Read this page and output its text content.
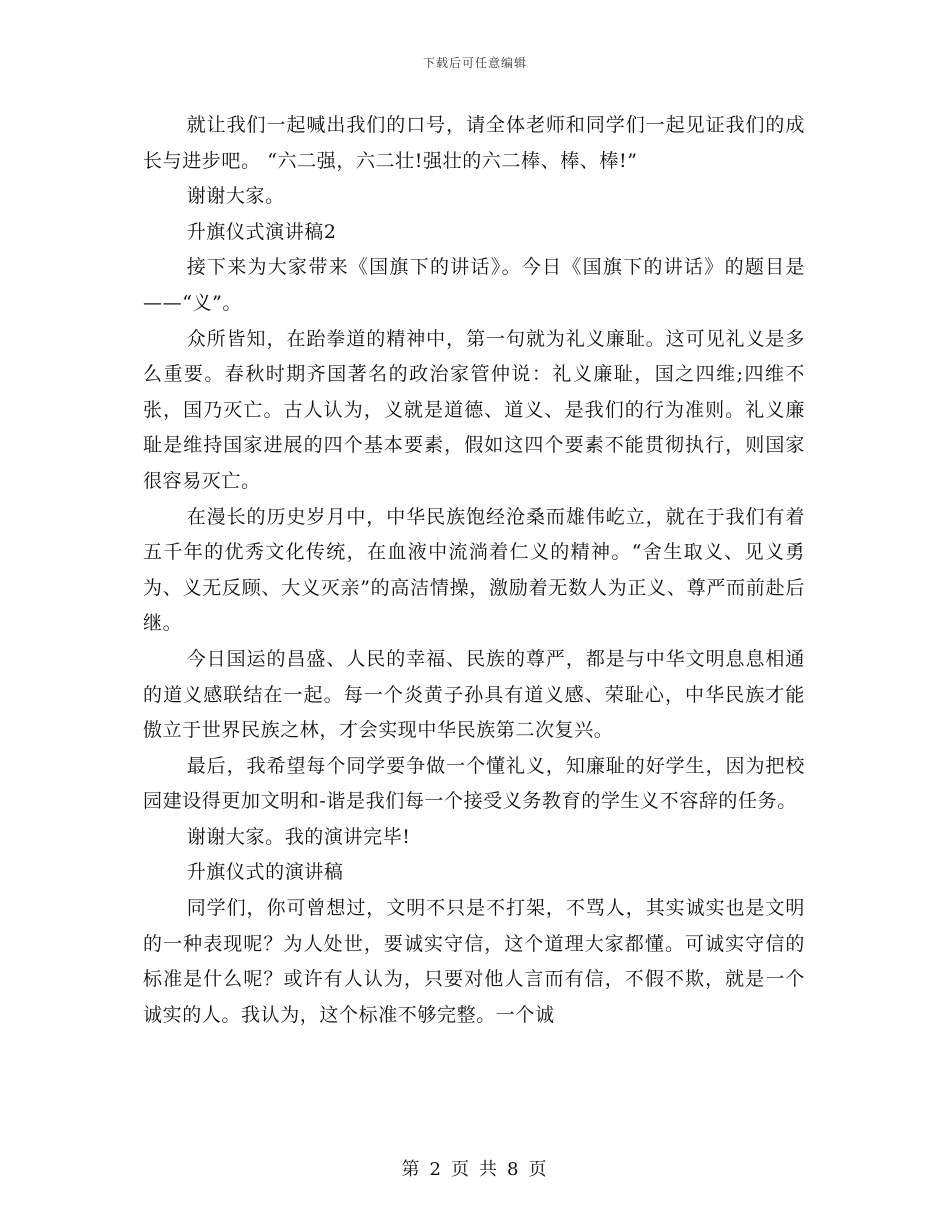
下载后可任意编辑

就让我们一起喊出我们的口号，请全体老师和同学们一起见证我们的成长与进步吧。 “六二强，六二壮!强壮的六二棒、棒、棒!”

谢谢大家。

升旗仪式演讲稿2

接下来为大家带来《国旗下的讲话》。今日《国旗下的讲话》的题目是——“义”。

众所皆知，在跆拳道的精神中，第一句就为礼义廉耻。这可见礼义是多么重要。春秋时期齐国著名的政治家管仲说：礼义廉耻，国之四维;四维不张，国乃灭亡。古人认为，义就是道德、道义、是我们的行为准则。礼义廉耻是维持国家进展的四个基本要素，假如这四个要素不能贯彻执行，则国家很容易灭亡。

在漫长的历史岁月中，中华民族饱经沧桑而雄伟屹立，就在于我们有着五千年的优秀文化传统，在血液中流淌着仁义的精神。“舍生取义、见义勇为、义无反顾、大义灭亲”的高洁情操，激励着无数人为正义、尊严而前赴后继。

今日国运的昌盛、人民的幸福、民族的尊严，都是与中华文明息息相通的道义感联结在一起。每一个炎黄子孙具有道义感、荣耻心，中华民族才能傲立于世界民族之林，才会实现中华民族第二次复兴。

最后，我希望每个同学要争做一个懂礼义，知廉耻的好学生，因为把校园建设得更加文明和-谐是我们每一个接受义务教育的学生义不容辞的任务。

谢谢大家。我的演讲完毕!

升旗仪式的演讲稿

同学们，你可曾想过，文明不只是不打架，不骂人，其实诚实也是文明的一种表现呢？为人处世，要诚实守信，这个道理大家都懂。可诚实守信的标准是什么呢？或许有人认为，只要对他人言而有信，不假不欺，就是一个诚实的人。我认为，这个标准不够完整。一个诚

第 2 页 共 8 页
